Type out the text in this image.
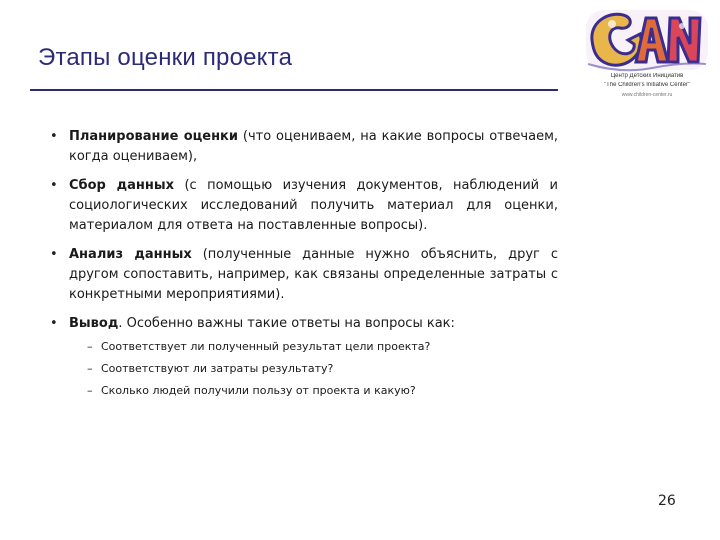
Этапы оценки проекта
Центр Детских Инициатив
"The Children's Initiative Center"
www.children-center.ru
• Планирование оценки (что оцениваем, на какие вопросы отвечаем, когда оцениваем),
• Сбор данных (с помощью изучения документов, наблюдений и социологических исследований получить материал для оценки, материалом для ответа на поставленные вопросы).
• Анализ данных (полученные данные нужно объяснить, друг с другом сопоставить, например, как связаны определенные затраты с конкретными мероприятиями).
• Вывод. Особенно важны такие ответы на вопросы как:
– Соответствует ли полученный результат цели проекта?
– Соответствуют ли затраты результату?
– Сколько людей получили пользу от проекта и какую?
26
